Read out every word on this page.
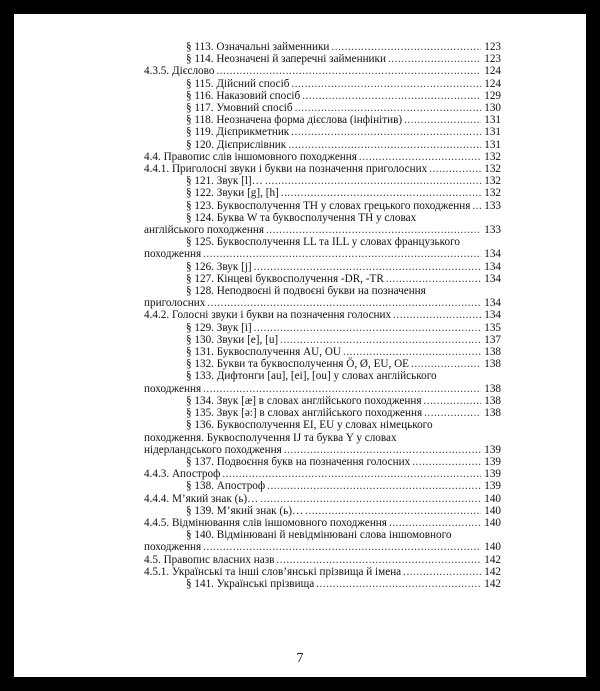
§ 113. Означальні займенники .....	123
§ 114. Неозначені й заперечні займенники .....	123
4.3.5. Дієслово .....	124
§ 115. Дійсний спосіб .....	124
§ 116. Наказовий спосіб .....	129
§ 117. Умовний спосіб .....	130
§ 118. Неозначена форма дієслова (інфінітив) .....	131
§ 119. Дієприкметник .....	131
§ 120. Дієприслівник .....	131
4.4. Правопис слів іншомовного походження .....	132
4.4.1. Приголосні звуки і букви на позначення приголосних .....	132
§ 121. Звук [l]… .....	132
§ 122. Звуки [g], [h] .....	132
§ 123. Буквосполучення TH у словах грецького походження ..... 133
§ 124. Буква W та буквосполучення TH у словах
англійського походження .....	133
§ 125. Буквосполучення LL та ILL у словах французького
походження .....	134
§ 126. Звук [j] .....	134
§ 127. Кінцеві буквосполучення -DR, -TR .....	134
§ 128. Неподвоєні й подвоєні букви на позначення
приголосних .....	134
4.4.2. Голосні звуки і букви на позначення голосних .....	134
§ 129. Звук [i] .....	135
§ 130. Звуки [e], [u] .....	137
§ 131. Буквосполучення AU, OU .....	138
§ 132. Букви та буквосполучення Ö, Ø, EU, OE .....	138
§ 133. Дифтонги [au], [ei], [ou] у словах англійського
походження .....	138
§ 134. Звук [æ] в словах англійського походження .....	138
§ 135. Звук [ə:] в словах англійського походження .....	138
§ 136. Буквосполучення EI, EU у словах німецького
походження. Буквосполучення IJ та буква Y у словах
нідерландського походження .....	139
§ 137. Подвоєння букв на позначення голосних .....	139
4.4.3. Апостроф .....	139
§ 138. Апостроф .....	139
4.4.4. М’який знак (ь)… .....	140
§ 139. М’який знак (ь)… .....	140
4.4.5. Відмінювання слів іншомовного походження .....	140
§ 140. Відмінювані й невідмінювані слова іншомовного
походження .....	140
4.5. Правопис власних назв .....	142
4.5.1. Українські та інші слов’янські прізвища й імена .....	142
§ 141. Українські прізвища .....	142
7
